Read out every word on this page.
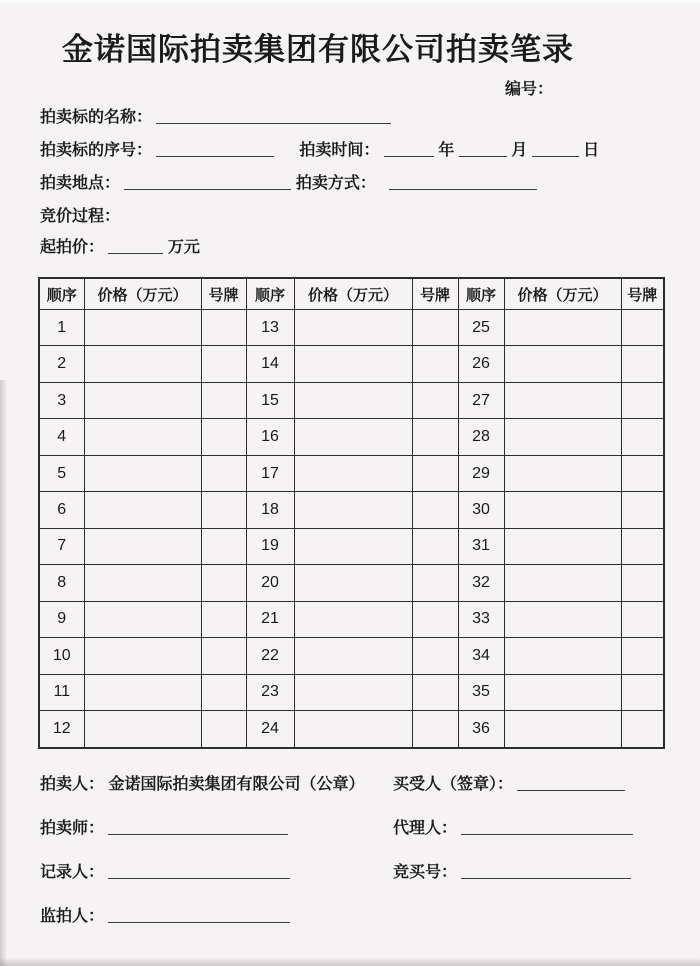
金诺国际拍卖集团有限公司拍卖笔录
编号：
拍卖标的名称：
拍卖标的序号：	拍卖时间：	年	月	日
拍卖地点：	拍卖方式：
竞价过程：
起拍价：	万元
顺序	价格（万元）	号牌	顺序	价格（万元）	号牌	顺序	价格（万元）	号牌
1			13			25		
2			14			26		
3			15			27		
4			16			28		
5			17			29		
6			18			30		
7			19			31		
8			20			32		
9			21			33		
10			22			34		
11			23			35		
12			24			36		
拍卖人： 金诺国际拍卖集团有限公司（公章） 买受人（签章）：
拍卖师：	代理人：
记录人：	竞买号：
监拍人：
